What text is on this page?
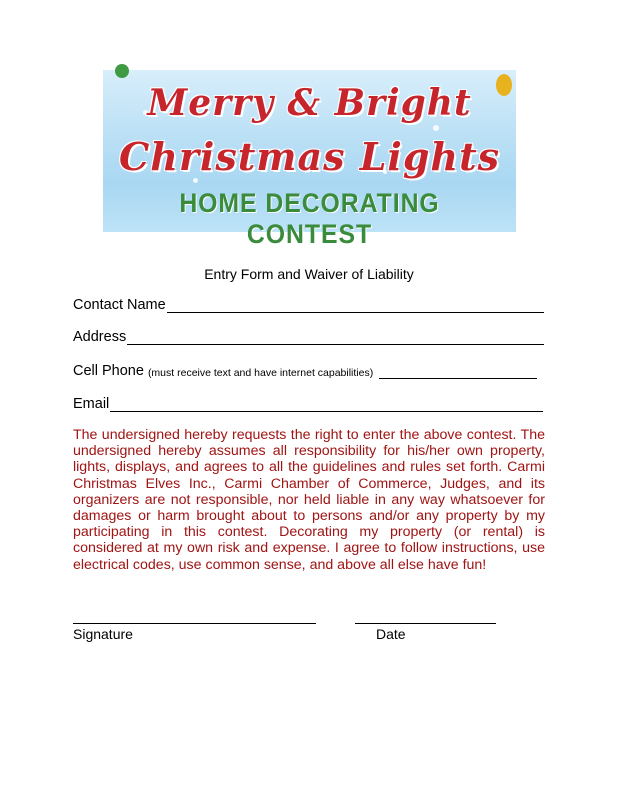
Merry & Bright
Christmas Lights
HOME DECORATING CONTEST
Entry Form and Waiver of Liability
Contact Name
Address
Cell Phone (must receive text and have internet capabilities)
Email
The undersigned hereby requests the right to enter the above contest. The undersigned hereby assumes all responsibility for his/her own property, lights, displays, and agrees to all the guidelines and rules set forth. Carmi Christmas Elves Inc., Carmi Chamber of Commerce, Judges, and its organizers are not responsible, nor held liable in any way whatsoever for damages or harm brought about to persons and/or any property by my participating in this contest. Decorating my property (or rental) is considered at my own risk and expense. I agree to follow instructions, use electrical codes, use common sense, and above all else have fun!
Signature	Date
